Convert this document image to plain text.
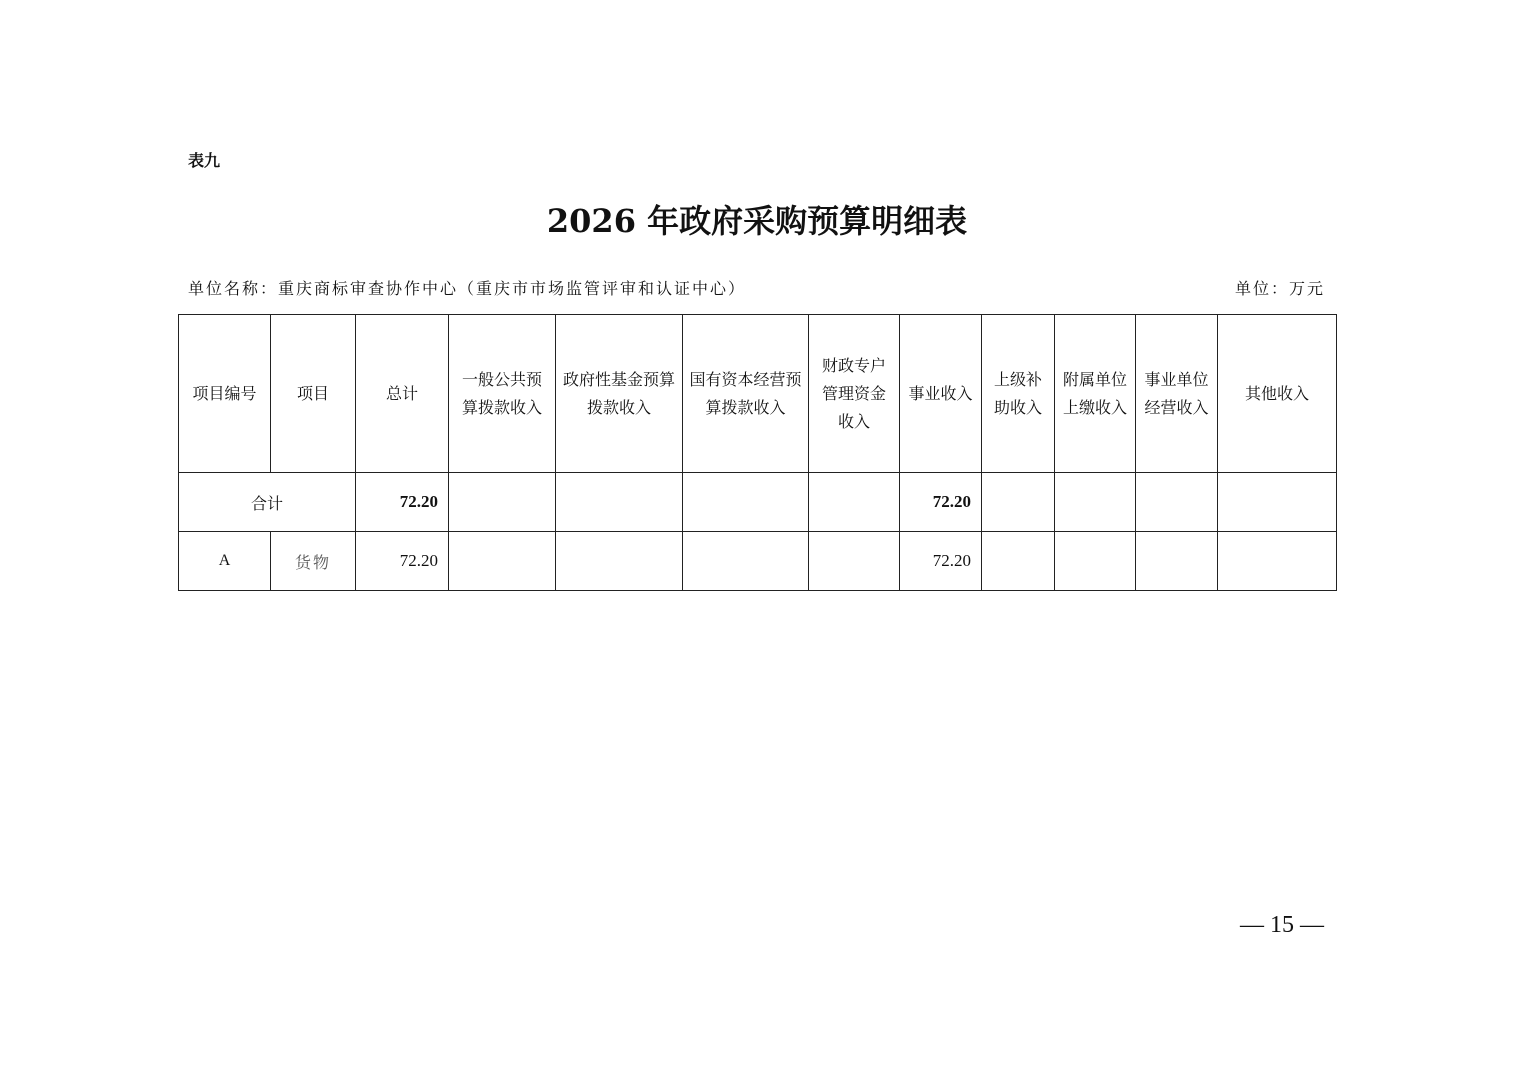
表九
2026 年政府采购预算明细表
单位名称：重庆商标审查协作中心（重庆市市场监管评审和认证中心）	单位：万元
项目编号	项目	总计	一般公共预算拨款收入	政府性基金预算拨款收入	国有资本经营预算拨款收入	财政专户管理资金收入	事业收入	上级补助收入	附属单位上缴收入	事业单位经营收入	其他收入
合计		72.20					72.20				
A	货物	72.20					72.20				
— 15 —
